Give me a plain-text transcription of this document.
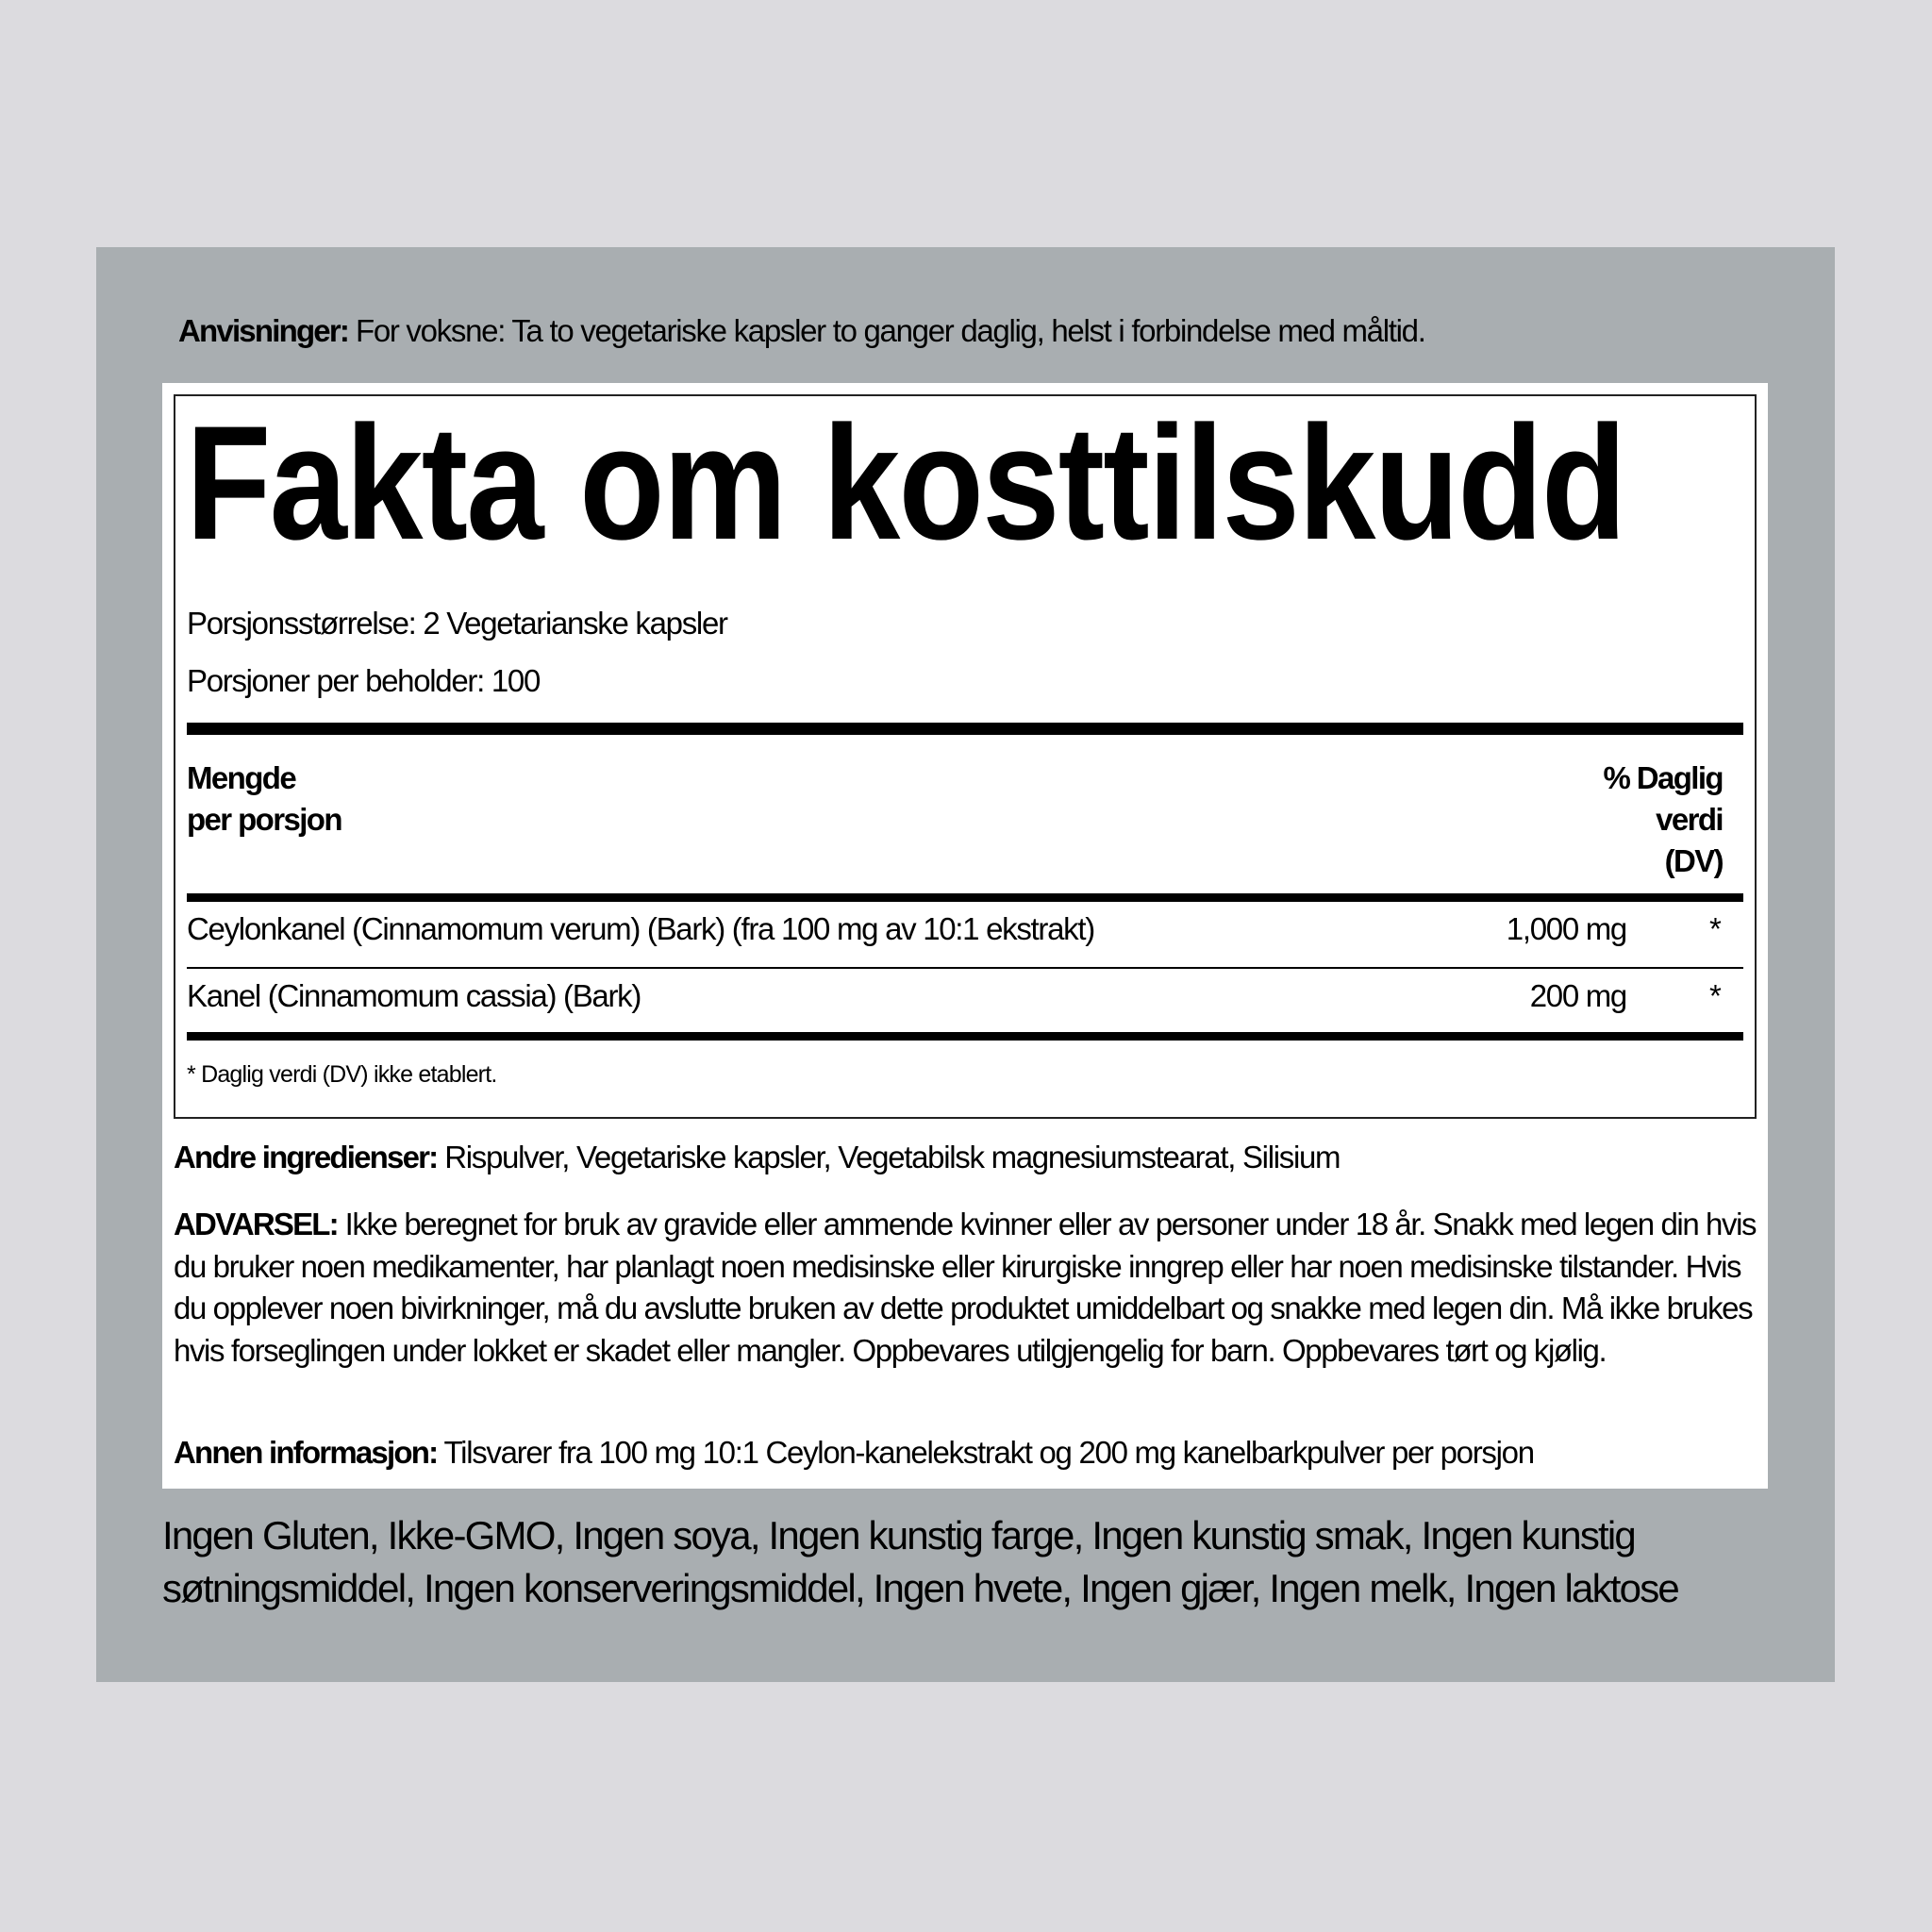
Anvisninger: For voksne: Ta to vegetariske kapsler to ganger daglig, helst i forbindelse med måltid.
Fakta om kosttilskudd
Porsjonsstørrelse: 2 Vegetarianske kapsler
Porsjoner per beholder: 100
Mengde
per porsjon
% Daglig
verdi
(DV)
Ceylonkanel (Cinnamomum verum) (Bark) (fra 100 mg av 10:1 ekstrakt)	1,000 mg	*
Kanel (Cinnamomum cassia) (Bark)	200 mg	*
* Daglig verdi (DV) ikke etablert.
Andre ingredienser: Rispulver, Vegetariske kapsler, Vegetabilsk magnesiumstearat, Silisium
ADVARSEL: Ikke beregnet for bruk av gravide eller ammende kvinner eller av personer under 18 år. Snakk med legen din hvis du bruker noen medikamenter, har planlagt noen medisinske eller kirurgiske inngrep eller har noen medisinske tilstander. Hvis du opplever noen bivirkninger, må du avslutte bruken av dette produktet umiddelbart og snakke med legen din. Må ikke brukes hvis forseglingen under lokket er skadet eller mangler. Oppbevares utilgjengelig for barn. Oppbevares tørt og kjølig.
Annen informasjon: Tilsvarer fra 100 mg 10:1 Ceylon-kanelekstrakt og 200 mg kanelbarkpulver per porsjon
Ingen Gluten, Ikke-GMO, Ingen soya, Ingen kunstig farge, Ingen kunstig smak, Ingen kunstig søtningsmiddel, Ingen konserveringsmiddel, Ingen hvete, Ingen gjær, Ingen melk, Ingen laktose
